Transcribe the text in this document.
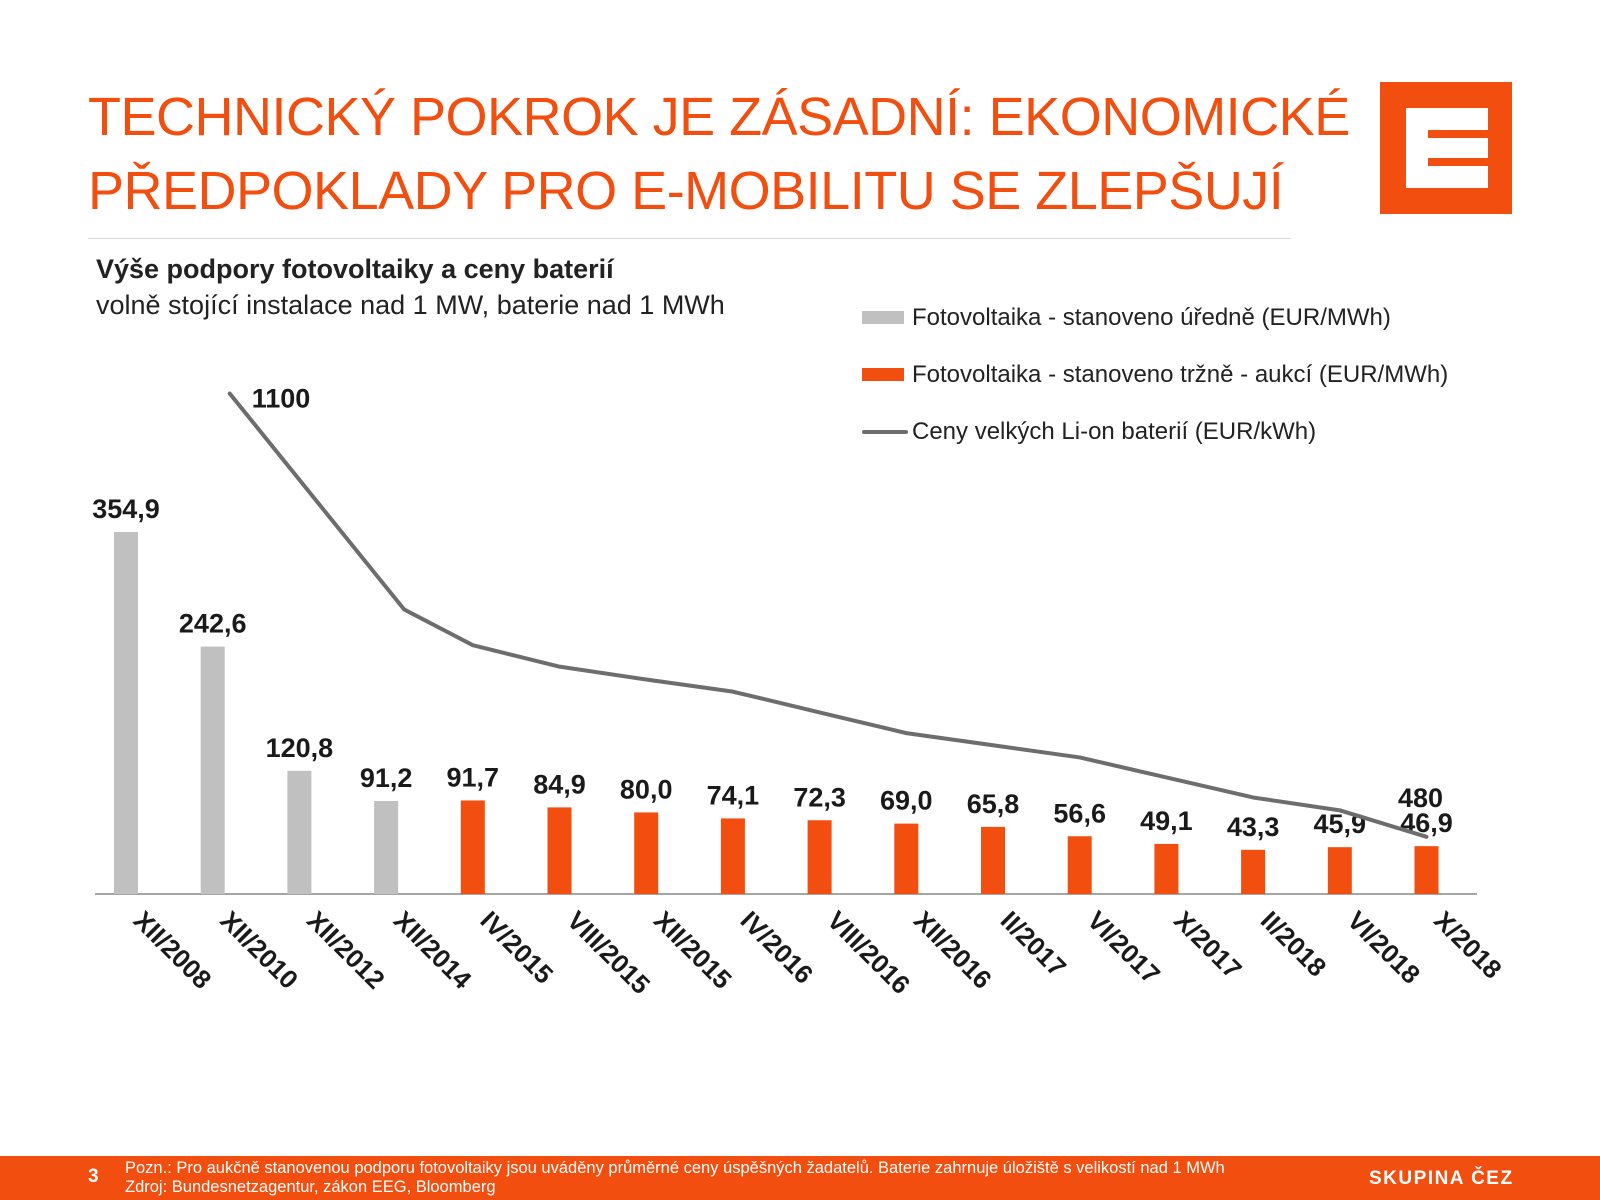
TECHNICKÝ POKROK JE ZÁSADNÍ: EKONOMICKÉ
PŘEDPOKLADY PRO E-MOBILITU SE ZLEPŠUJÍ
Výše podpory fotovoltaiky a ceny baterií
volně stojící instalace nad 1 MW, baterie nad 1 MWh	Fotovoltaika - stanoveno úředně (EUR/MWh)
Fotovoltaika - stanoveno tržně - aukcí (EUR/MWh)
Ceny velkých Li-on baterií (EUR/kWh)
354,9
XII/2008
242,6
XII/2010
120,8
XII/2012
91,2
XII/2014
91,7
IV/2015
84,9
VIII/2015
80,0
XII/2015
74,1
IV/2016
72,3
VIII/2016
69,0
XII/2016
65,8
II/2017
56,6
VI/2017
49,1
X/2017
43,3
II/2018
45,9
VI/2018
46,9
X/2018
1100
480
3 Pozn.: Pro aukčně stanovenou podporu fotovoltaiky jsou uváděny průměrné ceny úspěšných žadatelů. Baterie zahrnuje úložiště s velikostí nad 1 MWh
Zdroj: Bundesnetzagentur, zákon EEG, Bloomberg	SKUPINA ČEZ
